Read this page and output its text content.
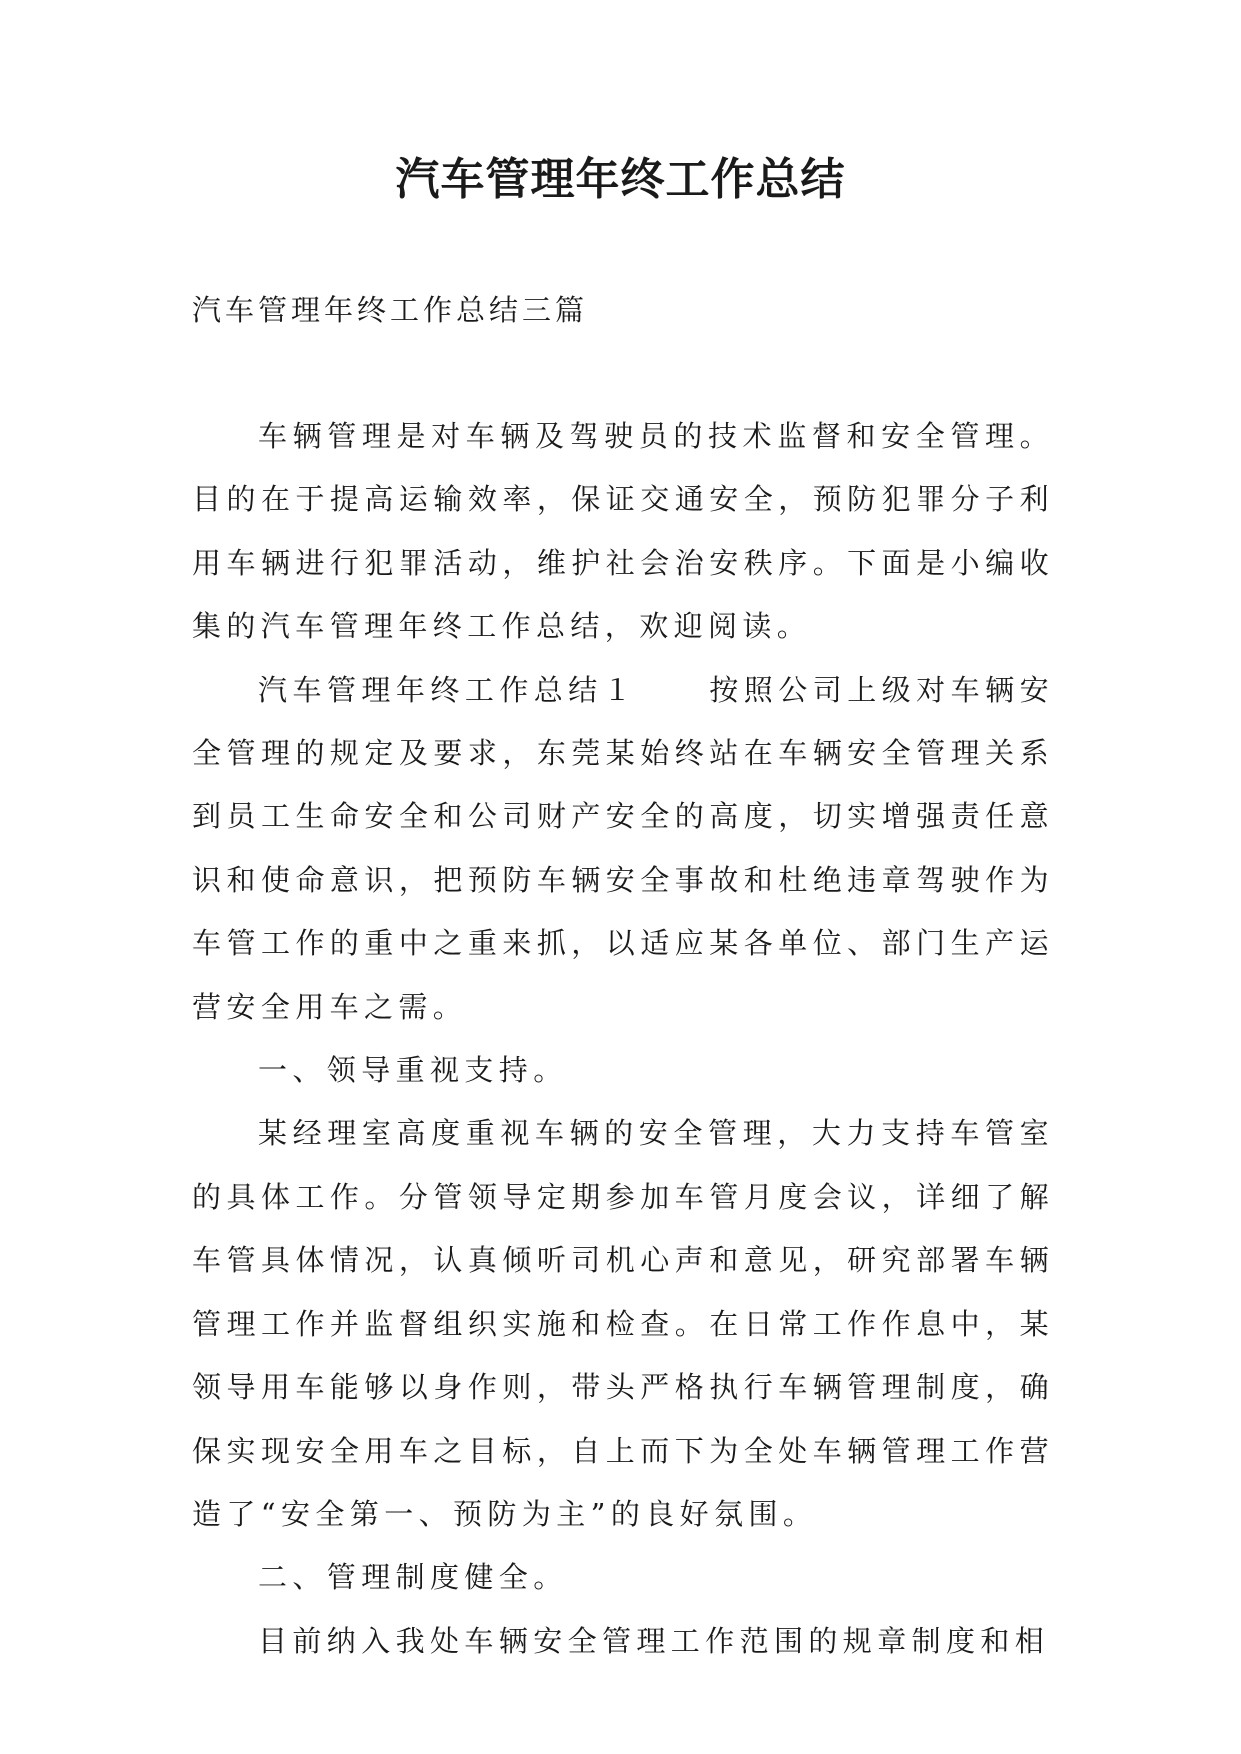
汽车管理年终工作总结

汽车管理年终工作总结三篇

车辆管理是对车辆及驾驶员的技术监督和安全管理。目的在于提高运输效率，保证交通安全，预防犯罪分子利用车辆进行犯罪活动，维护社会治安秩序。下面是小编收集的汽车管理年终工作总结，欢迎阅读。

汽车管理年终工作总结１ 按照公司上级对车辆安全管理的规定及要求，东莞某始终站在车辆安全管理关系到员工生命安全和公司财产安全的高度，切实增强责任意识和使命意识，把预防车辆安全事故和杜绝违章驾驶作为车管工作的重中之重来抓，以适应某各单位、部门生产运营安全用车之需。

一、领导重视支持。

某经理室高度重视车辆的安全管理，大力支持车管室的具体工作。分管领导定期参加车管月度会议，详细了解车管具体情况，认真倾听司机心声和意见，研究部署车辆管理工作并监督组织实施和检查。在日常工作作息中，某领导用车能够以身作则，带头严格执行车辆管理制度，确保实现安全用车之目标，自上而下为全处车辆管理工作营造了“安全第一、预防为主”的良好氛围。

二、管理制度健全。

目前纳入我处车辆安全管理工作范围的规章制度和相
